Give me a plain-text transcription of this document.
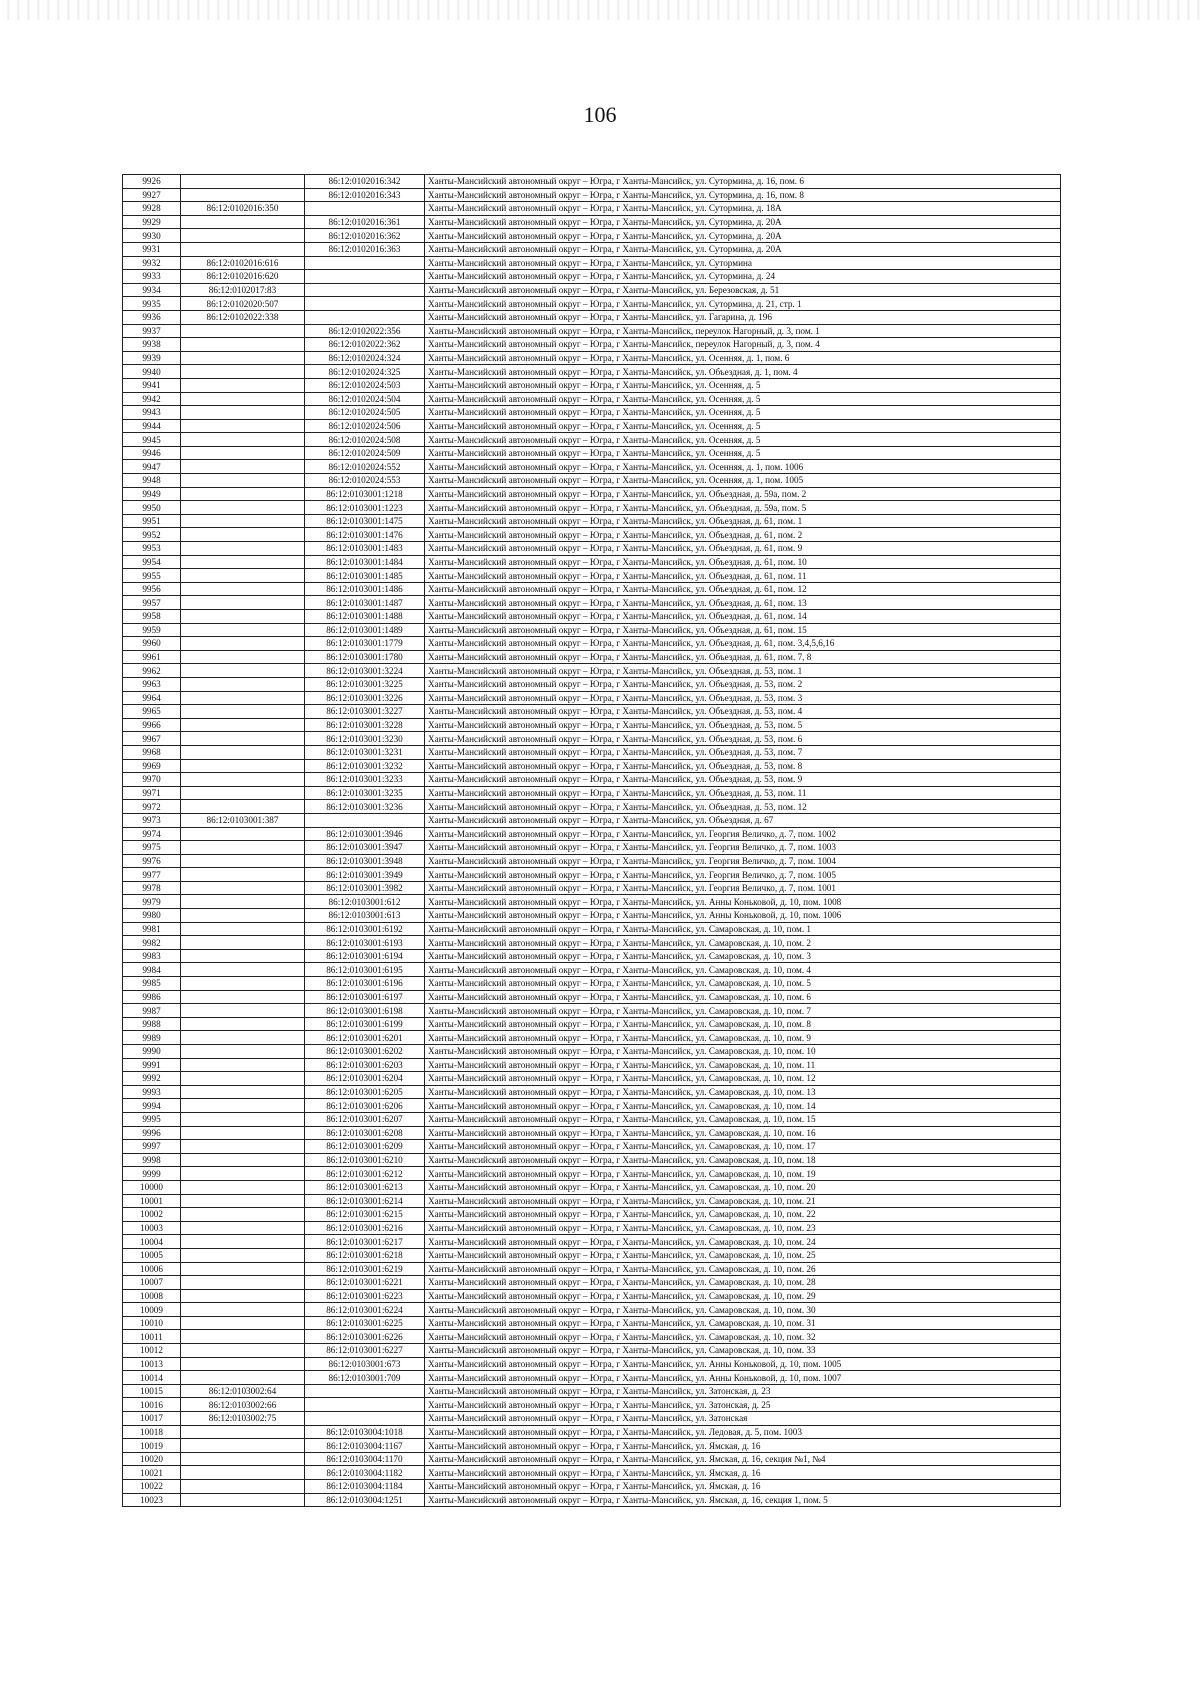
106
9926		86:12:0102016:342	Ханты-Мансийский автономный округ – Югра, г Ханты-Мансийск, ул. Сутормина, д. 16, пом. 6
9927		86:12:0102016:343	Ханты-Мансийский автономный округ – Югра, г Ханты-Мансийск, ул. Сутормина, д. 16, пом. 8
9928	86:12:0102016:350		Ханты-Мансийский автономный округ – Югра, г Ханты-Мансийск, ул. Сутормина, д. 18А
9929		86:12:0102016:361	Ханты-Мансийский автономный округ – Югра, г Ханты-Мансийск, ул. Сутормина, д. 20А
9930		86:12:0102016:362	Ханты-Мансийский автономный округ – Югра, г Ханты-Мансийск, ул. Сутормина, д. 20А
9931		86:12:0102016:363	Ханты-Мансийский автономный округ – Югра, г Ханты-Мансийск, ул. Сутормина, д. 20А
9932	86:12:0102016:616		Ханты-Мансийский автономный округ – Югра, г Ханты-Мансийск, ул. Сутормина
9933	86:12:0102016:620		Ханты-Мансийский автономный округ – Югра, г Ханты-Мансийск, ул. Сутормина, д. 24
9934	86:12:0102017:83		Ханты-Мансийский автономный округ – Югра, г Ханты-Мансийск, ул. Березовская, д. 51
9935	86:12:0102020:507		Ханты-Мансийский автономный округ – Югра, г Ханты-Мансийск, ул. Сутормина, д. 21, стр. 1
9936	86:12:0102022:338		Ханты-Мансийский автономный округ – Югра, г Ханты-Мансийск, ул. Гагарина, д. 196
9937		86:12:0102022:356	Ханты-Мансийский автономный округ – Югра, г Ханты-Мансийск, переулок Нагорный, д. 3, пом. 1
9938		86:12:0102022:362	Ханты-Мансийский автономный округ – Югра, г Ханты-Мансийск, переулок Нагорный, д. 3, пом. 4
9939		86:12:0102024:324	Ханты-Мансийский автономный округ – Югра, г Ханты-Мансийск, ул. Осенняя, д. 1, пом. 6
9940		86:12:0102024:325	Ханты-Мансийский автономный округ – Югра, г Ханты-Мансийск, ул. Объездная, д. 1, пом. 4
9941		86:12:0102024:503	Ханты-Мансийский автономный округ – Югра, г Ханты-Мансийск, ул. Осенняя, д. 5
9942		86:12:0102024:504	Ханты-Мансийский автономный округ – Югра, г Ханты-Мансийск, ул. Осенняя, д. 5
9943		86:12:0102024:505	Ханты-Мансийский автономный округ – Югра, г Ханты-Мансийск, ул. Осенняя, д. 5
9944		86:12:0102024:506	Ханты-Мансийский автономный округ – Югра, г Ханты-Мансийск, ул. Осенняя, д. 5
9945		86:12:0102024:508	Ханты-Мансийский автономный округ – Югра, г Ханты-Мансийск, ул. Осенняя, д. 5
9946		86:12:0102024:509	Ханты-Мансийский автономный округ – Югра, г Ханты-Мансийск, ул. Осенняя, д. 5
9947		86:12:0102024:552	Ханты-Мансийский автономный округ – Югра, г Ханты-Мансийск, ул. Осенняя, д. 1, пом. 1006
9948		86:12:0102024:553	Ханты-Мансийский автономный округ – Югра, г Ханты-Мансийск, ул. Осенняя, д. 1, пом. 1005
9949		86:12:0103001:1218	Ханты-Мансийский автономный округ – Югра, г Ханты-Мансийск, ул. Объездная, д. 59а, пом. 2
9950		86:12:0103001:1223	Ханты-Мансийский автономный округ – Югра, г Ханты-Мансийск, ул. Объездная, д. 59а, пом. 5
9951		86:12:0103001:1475	Ханты-Мансийский автономный округ – Югра, г Ханты-Мансийск, ул. Объездная, д. 61, пом. 1
9952		86:12:0103001:1476	Ханты-Мансийский автономный округ – Югра, г Ханты-Мансийск, ул. Объездная, д. 61, пом. 2
9953		86:12:0103001:1483	Ханты-Мансийский автономный округ – Югра, г Ханты-Мансийск, ул. Объездная, д. 61, пом. 9
9954		86:12:0103001:1484	Ханты-Мансийский автономный округ – Югра, г Ханты-Мансийск, ул. Объездная, д. 61, пом. 10
9955		86:12:0103001:1485	Ханты-Мансийский автономный округ – Югра, г Ханты-Мансийск, ул. Объездная, д. 61, пом. 11
9956		86:12:0103001:1486	Ханты-Мансийский автономный округ – Югра, г Ханты-Мансийск, ул. Объездная, д. 61, пом. 12
9957		86:12:0103001:1487	Ханты-Мансийский автономный округ – Югра, г Ханты-Мансийск, ул. Объездная, д. 61, пом. 13
9958		86:12:0103001:1488	Ханты-Мансийский автономный округ – Югра, г Ханты-Мансийск, ул. Объездная, д. 61, пом. 14
9959		86:12:0103001:1489	Ханты-Мансийский автономный округ – Югра, г Ханты-Мансийск, ул. Объездная, д. 61, пом. 15
9960		86:12:0103001:1779	Ханты-Мансийский автономный округ – Югра, г Ханты-Мансийск, ул. Объездная, д. 61, пом. 3,4,5,6,16
9961		86:12:0103001:1780	Ханты-Мансийский автономный округ – Югра, г Ханты-Мансийск, ул. Объездная, д. 61, пом. 7, 8
9962		86:12:0103001:3224	Ханты-Мансийский автономный округ – Югра, г Ханты-Мансийск, ул. Объездная, д. 53, пом. 1
9963		86:12:0103001:3225	Ханты-Мансийский автономный округ – Югра, г Ханты-Мансийск, ул. Объездная, д. 53, пом. 2
9964		86:12:0103001:3226	Ханты-Мансийский автономный округ – Югра, г Ханты-Мансийск, ул. Объездная, д. 53, пом. 3
9965		86:12:0103001:3227	Ханты-Мансийский автономный округ – Югра, г Ханты-Мансийск, ул. Объездная, д. 53, пом. 4
9966		86:12:0103001:3228	Ханты-Мансийский автономный округ – Югра, г Ханты-Мансийск, ул. Объездная, д. 53, пом. 5
9967		86:12:0103001:3230	Ханты-Мансийский автономный округ – Югра, г Ханты-Мансийск, ул. Объездная, д. 53, пом. 6
9968		86:12:0103001:3231	Ханты-Мансийский автономный округ – Югра, г Ханты-Мансийск, ул. Объездная, д. 53, пом. 7
9969		86:12:0103001:3232	Ханты-Мансийский автономный округ – Югра, г Ханты-Мансийск, ул. Объездная, д. 53, пом. 8
9970		86:12:0103001:3233	Ханты-Мансийский автономный округ – Югра, г Ханты-Мансийск, ул. Объездная, д. 53, пом. 9
9971		86:12:0103001:3235	Ханты-Мансийский автономный округ – Югра, г Ханты-Мансийск, ул. Объездная, д. 53, пом. 11
9972		86:12:0103001:3236	Ханты-Мансийский автономный округ – Югра, г Ханты-Мансийск, ул. Объездная, д. 53, пом. 12
9973	86:12:0103001:387		Ханты-Мансийский автономный округ – Югра, г Ханты-Мансийск, ул. Объездная, д. 67
9974		86:12:0103001:3946	Ханты-Мансийский автономный округ – Югра, г Ханты-Мансийск, ул. Георгия Величко, д. 7, пом. 1002
9975		86:12:0103001:3947	Ханты-Мансийский автономный округ – Югра, г Ханты-Мансийск, ул. Георгия Величко, д. 7, пом. 1003
9976		86:12:0103001:3948	Ханты-Мансийский автономный округ – Югра, г Ханты-Мансийск, ул. Георгия Величко, д. 7, пом. 1004
9977		86:12:0103001:3949	Ханты-Мансийский автономный округ – Югра, г Ханты-Мансийск, ул. Георгия Величко, д. 7, пом. 1005
9978		86:12:0103001:3982	Ханты-Мансийский автономный округ – Югра, г Ханты-Мансийск, ул. Георгия Величко, д. 7, пом. 1001
9979		86:12:0103001:612	Ханты-Мансийский автономный округ – Югра, г Ханты-Мансийск, ул. Анны Коньковой, д. 10, пом. 1008
9980		86:12:0103001:613	Ханты-Мансийский автономный округ – Югра, г Ханты-Мансийск, ул. Анны Коньковой, д. 10, пом. 1006
9981		86:12:0103001:6192	Ханты-Мансийский автономный округ – Югра, г Ханты-Мансийск, ул. Самаровская, д. 10, пом. 1
9982		86:12:0103001:6193	Ханты-Мансийский автономный округ – Югра, г Ханты-Мансийск, ул. Самаровская, д. 10, пом. 2
9983		86:12:0103001:6194	Ханты-Мансийский автономный округ – Югра, г Ханты-Мансийск, ул. Самаровская, д. 10, пом. 3
9984		86:12:0103001:6195	Ханты-Мансийский автономный округ – Югра, г Ханты-Мансийск, ул. Самаровская, д. 10, пом. 4
9985		86:12:0103001:6196	Ханты-Мансийский автономный округ – Югра, г Ханты-Мансийск, ул. Самаровская, д. 10, пом. 5
9986		86:12:0103001:6197	Ханты-Мансийский автономный округ – Югра, г Ханты-Мансийск, ул. Самаровская, д. 10, пом. 6
9987		86:12:0103001:6198	Ханты-Мансийский автономный округ – Югра, г Ханты-Мансийск, ул. Самаровская, д. 10, пом. 7
9988		86:12:0103001:6199	Ханты-Мансийский автономный округ – Югра, г Ханты-Мансийск, ул. Самаровская, д. 10, пом. 8
9989		86:12:0103001:6201	Ханты-Мансийский автономный округ – Югра, г Ханты-Мансийск, ул. Самаровская, д. 10, пом. 9
9990		86:12:0103001:6202	Ханты-Мансийский автономный округ – Югра, г Ханты-Мансийск, ул. Самаровская, д. 10, пом. 10
9991		86:12:0103001:6203	Ханты-Мансийский автономный округ – Югра, г Ханты-Мансийск, ул. Самаровская, д. 10, пом. 11
9992		86:12:0103001:6204	Ханты-Мансийский автономный округ – Югра, г Ханты-Мансийск, ул. Самаровская, д. 10, пом. 12
9993		86:12:0103001:6205	Ханты-Мансийский автономный округ – Югра, г Ханты-Мансийск, ул. Самаровская, д. 10, пом. 13
9994		86:12:0103001:6206	Ханты-Мансийский автономный округ – Югра, г Ханты-Мансийск, ул. Самаровская, д. 10, пом. 14
9995		86:12:0103001:6207	Ханты-Мансийский автономный округ – Югра, г Ханты-Мансийск, ул. Самаровская, д. 10, пом. 15
9996		86:12:0103001:6208	Ханты-Мансийский автономный округ – Югра, г Ханты-Мансийск, ул. Самаровская, д. 10, пом. 16
9997		86:12:0103001:6209	Ханты-Мансийский автономный округ – Югра, г Ханты-Мансийск, ул. Самаровская, д. 10, пом. 17
9998		86:12:0103001:6210	Ханты-Мансийский автономный округ – Югра, г Ханты-Мансийск, ул. Самаровская, д. 10, пом. 18
9999		86:12:0103001:6212	Ханты-Мансийский автономный округ – Югра, г Ханты-Мансийск, ул. Самаровская, д. 10, пом. 19
10000		86:12:0103001:6213	Ханты-Мансийский автономный округ – Югра, г Ханты-Мансийск, ул. Самаровская, д. 10, пом. 20
10001		86:12:0103001:6214	Ханты-Мансийский автономный округ – Югра, г Ханты-Мансийск, ул. Самаровская, д. 10, пом. 21
10002		86:12:0103001:6215	Ханты-Мансийский автономный округ – Югра, г Ханты-Мансийск, ул. Самаровская, д. 10, пом. 22
10003		86:12:0103001:6216	Ханты-Мансийский автономный округ – Югра, г Ханты-Мансийск, ул. Самаровская, д. 10, пом. 23
10004		86:12:0103001:6217	Ханты-Мансийский автономный округ – Югра, г Ханты-Мансийск, ул. Самаровская, д. 10, пом. 24
10005		86:12:0103001:6218	Ханты-Мансийский автономный округ – Югра, г Ханты-Мансийск, ул. Самаровская, д. 10, пом. 25
10006		86:12:0103001:6219	Ханты-Мансийский автономный округ – Югра, г Ханты-Мансийск, ул. Самаровская, д. 10, пом. 26
10007		86:12:0103001:6221	Ханты-Мансийский автономный округ – Югра, г Ханты-Мансийск, ул. Самаровская, д. 10, пом. 28
10008		86:12:0103001:6223	Ханты-Мансийский автономный округ – Югра, г Ханты-Мансийск, ул. Самаровская, д. 10, пом. 29
10009		86:12:0103001:6224	Ханты-Мансийский автономный округ – Югра, г Ханты-Мансийск, ул. Самаровская, д. 10, пом. 30
10010		86:12:0103001:6225	Ханты-Мансийский автономный округ – Югра, г Ханты-Мансийск, ул. Самаровская, д. 10, пом. 31
10011		86:12:0103001:6226	Ханты-Мансийский автономный округ – Югра, г Ханты-Мансийск, ул. Самаровская, д. 10, пом. 32
10012		86:12:0103001:6227	Ханты-Мансийский автономный округ – Югра, г Ханты-Мансийск, ул. Самаровская, д. 10, пом. 33
10013		86:12:0103001:673	Ханты-Мансийский автономный округ – Югра, г Ханты-Мансийск, ул. Анны Коньковой, д. 10, пом. 1005
10014		86:12:0103001:709	Ханты-Мансийский автономный округ – Югра, г Ханты-Мансийск, ул. Анны Коньковой, д. 10, пом. 1007
10015	86:12:0103002:64		Ханты-Мансийский автономный округ – Югра, г Ханты-Мансийск, ул. Затонская, д. 23
10016	86:12:0103002:66		Ханты-Мансийский автономный округ – Югра, г Ханты-Мансийск, ул. Затонская, д. 25
10017	86:12:0103002:75		Ханты-Мансийский автономный округ – Югра, г Ханты-Мансийск, ул. Затонская
10018		86:12:0103004:1018	Ханты-Мансийский автономный округ – Югра, г Ханты-Мансийск, ул. Ледовая, д. 5, пом. 1003
10019		86:12:0103004:1167	Ханты-Мансийский автономный округ – Югра, г Ханты-Мансийск, ул. Ямская, д. 16
10020		86:12:0103004:1170	Ханты-Мансийский автономный округ – Югра, г Ханты-Мансийск, ул. Ямская, д. 16, секция №1, №4
10021		86:12:0103004:1182	Ханты-Мансийский автономный округ – Югра, г Ханты-Мансийск, ул. Ямская, д. 16
10022		86:12:0103004:1184	Ханты-Мансийский автономный округ – Югра, г Ханты-Мансийск, ул. Ямская, д. 16
10023		86:12:0103004:1251	Ханты-Мансийский автономный округ – Югра, г Ханты-Мансийск, ул. Ямская, д. 16, секция 1, пом. 5
